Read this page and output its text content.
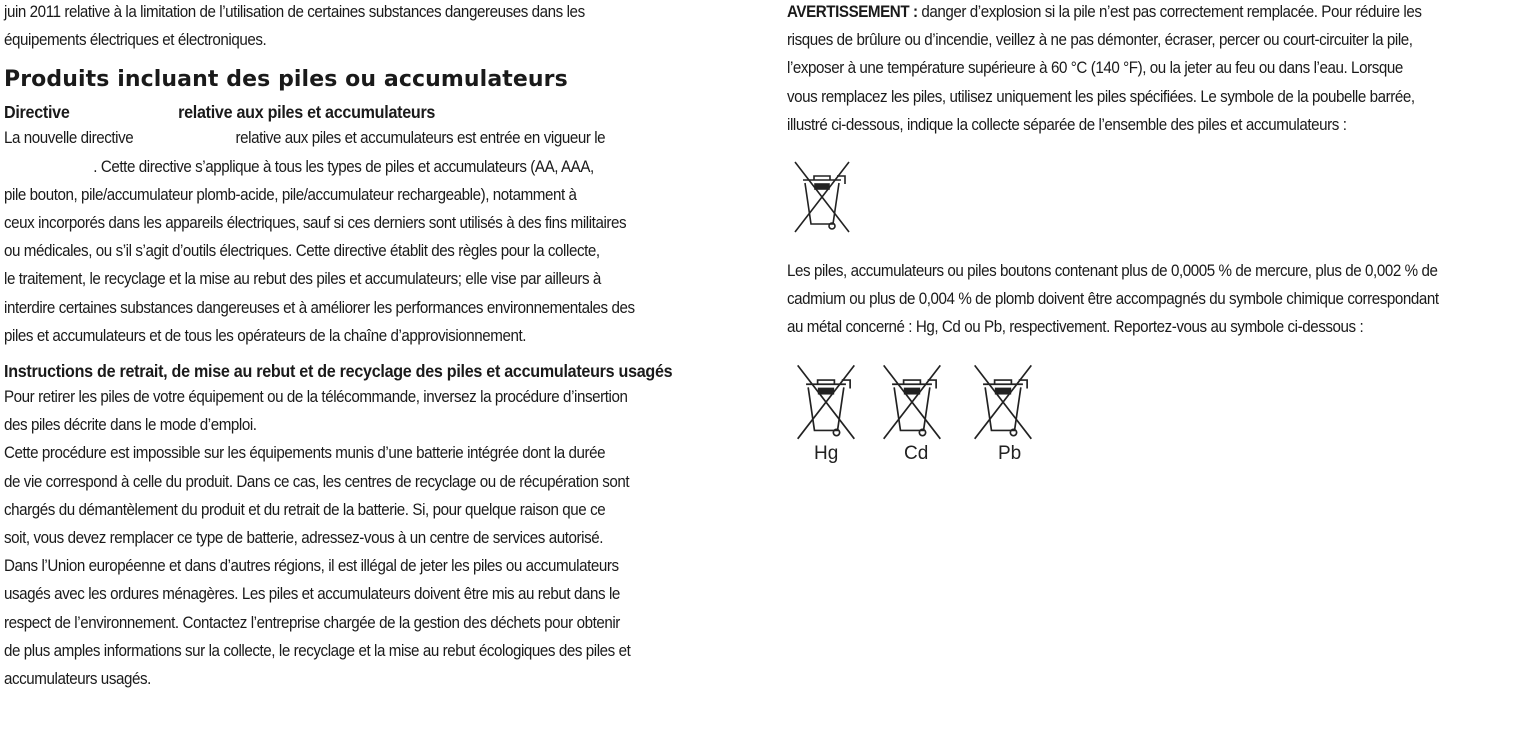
juin 2011 relative à la limitation de l’utilisation de certaines substances dangereuses dans les
équipements électriques et électroniques.
Produits incluant des piles ou accumulateurs
Directive	relative aux piles et accumulateurs
La nouvelle directive	relative aux piles et accumulateurs est entrée en vigueur le
. Cette directive s’applique à tous les types de piles et accumulateurs (AA, AAA,
pile bouton, pile/accumulateur plomb-acide, pile/accumulateur rechargeable), notamment à
ceux incorporés dans les appareils électriques, sauf si ces derniers sont utilisés à des fins militaires
ou médicales, ou s’il s’agit d’outils électriques. Cette directive établit des règles pour la collecte,
le traitement, le recyclage et la mise au rebut des piles et accumulateurs; elle vise par ailleurs à
interdire certaines substances dangereuses et à améliorer les performances environnementales des
piles et accumulateurs et de tous les opérateurs de la chaîne d’approvisionnement.
Instructions de retrait, de mise au rebut et de recyclage des piles et accumulateurs usagés
Pour retirer les piles de votre équipement ou de la télécommande, inversez la procédure d’insertion
des piles décrite dans le mode d’emploi.
Cette procédure est impossible sur les équipements munis d’une batterie intégrée dont la durée
de vie correspond à celle du produit. Dans ce cas, les centres de recyclage ou de récupération sont
chargés du démantèlement du produit et du retrait de la batterie. Si, pour quelque raison que ce
soit, vous devez remplacer ce type de batterie, adressez-vous à un centre de services autorisé.
Dans l’Union européenne et dans d’autres régions, il est illégal de jeter les piles ou accumulateurs
usagés avec les ordures ménagères. Les piles et accumulateurs doivent être mis au rebut dans le
respect de l’environnement. Contactez l’entreprise chargée de la gestion des déchets pour obtenir
de plus amples informations sur la collecte, le recyclage et la mise au rebut écologiques des piles et
accumulateurs usagés.
AVERTISSEMENT : danger d’explosion si la pile n’est pas correctement remplacée. Pour réduire les
risques de brûlure ou d’incendie, veillez à ne pas démonter, écraser, percer ou court-circuiter la pile,
l’exposer à une température supérieure à 60 °C (140 °F), ou la jeter au feu ou dans l’eau. Lorsque
vous remplacez les piles, utilisez uniquement les piles spécifiées. Le symbole de la poubelle barrée,
illustré ci-dessous, indique la collecte séparée de l’ensemble des piles et accumulateurs :
Les piles, accumulateurs ou piles boutons contenant plus de 0,0005 % de mercure, plus de 0,002 % de
cadmium ou plus de 0,004 % de plomb doivent être accompagnés du symbole chimique correspondant
au métal concerné : Hg, Cd ou Pb, respectivement. Reportez-vous au symbole ci-dessous :
Hg	Cd	Pb
